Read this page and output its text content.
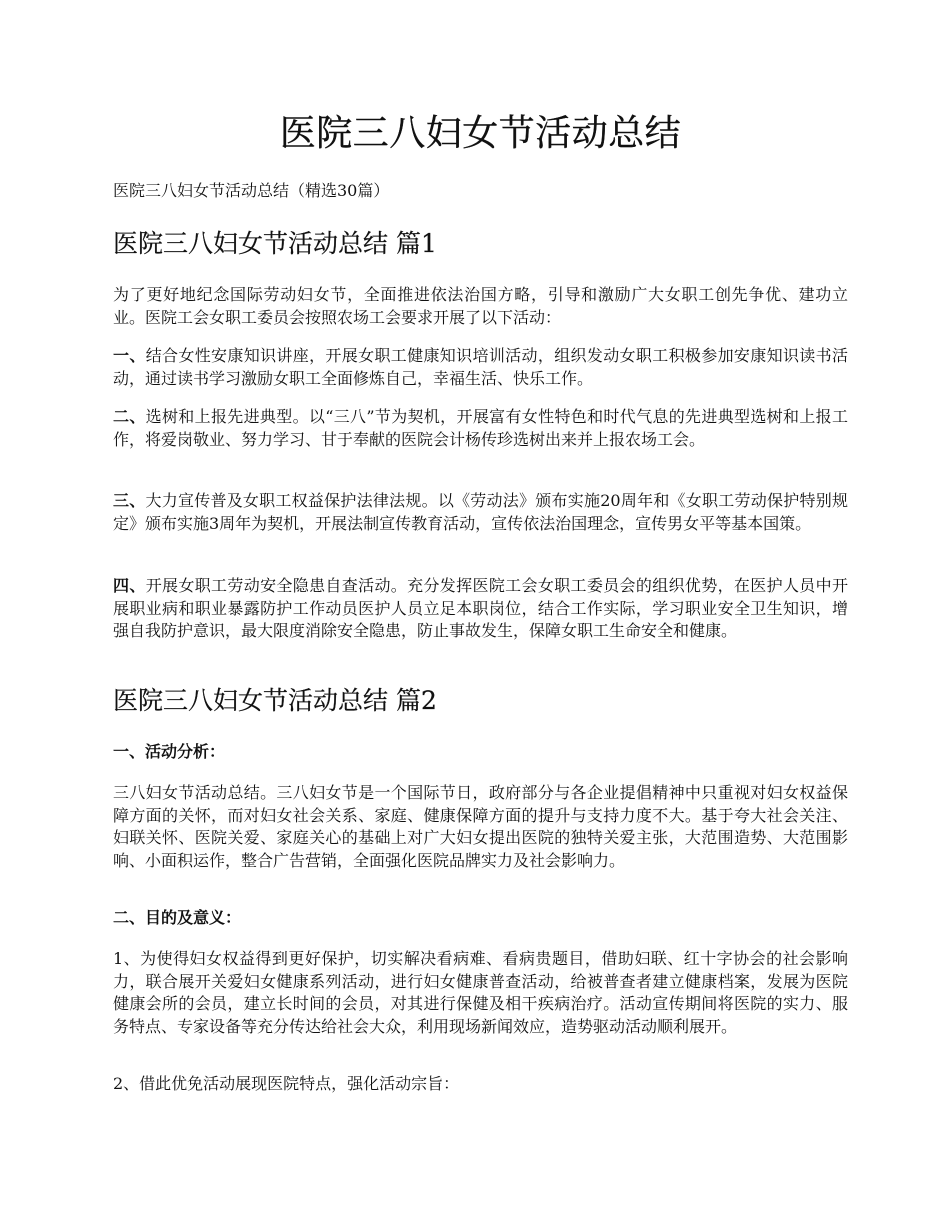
医院三八妇女节活动总结

医院三八妇女节活动总结（精选30篇）

医院三八妇女节活动总结 篇1

为了更好地纪念国际劳动妇女节，全面推进依法治国方略，引导和激励广大女职工创先争优、建功立业。医院工会女职工委员会按照农场工会要求开展了以下活动：

一、结合女性安康知识讲座，开展女职工健康知识培训活动，组织发动女职工积极参加安康知识读书活动，通过读书学习激励女职工全面修炼自己，幸福生活、快乐工作。

二、选树和上报先进典型。以“三八”节为契机，开展富有女性特色和时代气息的先进典型选树和上报工作，将爱岗敬业、努力学习、甘于奉献的医院会计杨传珍选树出来并上报农场工会。

三、大力宣传普及女职工权益保护法律法规。以《劳动法》颁布实施20周年和《女职工劳动保护特别规定》颁布实施3周年为契机，开展法制宣传教育活动，宣传依法治国理念，宣传男女平等基本国策。

四、开展女职工劳动安全隐患自查活动。充分发挥医院工会女职工委员会的组织优势，在医护人员中开展职业病和职业暴露防护工作动员医护人员立足本职岗位，结合工作实际，学习职业安全卫生知识，增强自我防护意识，最大限度消除安全隐患，防止事故发生，保障女职工生命安全和健康。

医院三八妇女节活动总结 篇2

一、活动分析：

三八妇女节活动总结。三八妇女节是一个国际节日，政府部分与各企业提倡精神中只重视对妇女权益保障方面的关怀，而对妇女社会关系、家庭、健康保障方面的提升与支持力度不大。基于夸大社会关注、妇联关怀、医院关爱、家庭关心的基础上对广大妇女提出医院的独特关爱主张，大范围造势、大范围影响、小面积运作，整合广告营销，全面强化医院品牌实力及社会影响力。

二、目的及意义：

1、为使得妇女权益得到更好保护，切实解决看病难、看病贵题目，借助妇联、红十字协会的社会影响力，联合展开关爱妇女健康系列活动，进行妇女健康普查活动，给被普查者建立健康档案，发展为医院健康会所的会员，建立长时间的会员，对其进行保健及相干疾病治疗。活动宣传期间将医院的实力、服务特点、专家设备等充分传达给社会大众，利用现场新闻效应，造势驱动活动顺利展开。

2、借此优免活动展现医院特点，强化活动宗旨：
